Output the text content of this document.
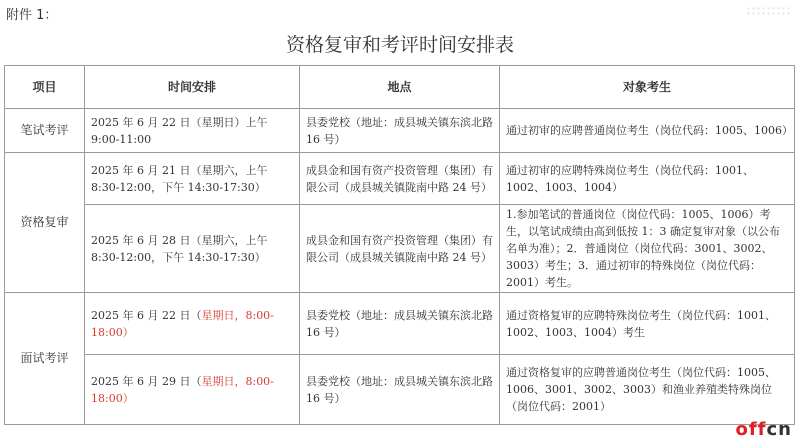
附件 1：
资格复审和考评时间安排表
项目	时间安排	地点	对象考生
笔试考评	2025 年 6 月 22 日（星期日）上午 9:00-11:00	县委党校（地址：成县城关镇东滨北路 16 号）	通过初审的应聘普通岗位考生（岗位代码：1005、1006）
资格复审	2025 年 6 月 21 日（星期六，上午 8:30-12:00，下午 14:30-17:30）	成县金和国有资产投资管理（集团）有限公司（成县城关镇陇南中路 24 号）	通过初审的应聘特殊岗位考生（岗位代码：1001、1002、1003、1004）
	2025 年 6 月 28 日（星期六，上午 8:30-12:00，下午 14:30-17:30）	成县金和国有资产投资管理（集团）有限公司（成县城关镇陇南中路 24 号）	1.参加笔试的普通岗位（岗位代码：1005、1006）考生，以笔试成绩由高到低按 1：3 确定复审对象（以公布名单为准）；2．普通岗位（岗位代码：3001、3002、3003）考生；3．通过初审的特殊岗位（岗位代码：2001）考生。
面试考评	2025 年 6 月 22 日（星期日，8:00-18:00）	县委党校（地址：成县城关镇东滨北路 16 号）	通过资格复审的应聘特殊岗位考生（岗位代码：1001、1002、1003、1004）考生
	2025 年 6 月 29 日（星期日，8:00-18:00）	县委党校（地址：成县城关镇东滨北路 16 号）	通过资格复审的应聘普通岗位考生（岗位代码：1005、1006、3001、3002、3003）和渔业养殖类特殊岗位（岗位代码：2001）
offcn
